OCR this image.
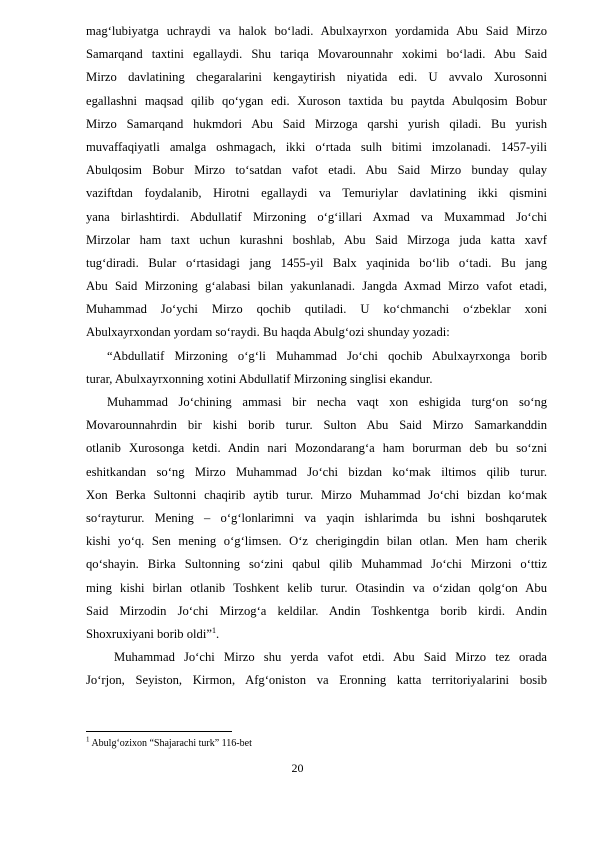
mag‘lubiyatga uchraydi va halok bo‘ladi. Abulxayrxon yordamida Abu Said Mirzo
Samarqand taxtini egallaydi. Shu tariqa Movarounnahr xokimi bo‘ladi. Abu Said
Mirzo davlatining chegaralarini kengaytirish niyatida edi. U avvalo Xurosonni
egallashni maqsad qilib qo‘ygan edi. Xuroson taxtida bu paytda Abulqosim Bobur
Mirzo Samarqand hukmdori Abu Said Mirzoga qarshi yurish qiladi. Bu yurish
muvaffaqiyatli amalga oshmagach, ikki o‘rtada sulh bitimi imzolanadi. 1457-yili
Abulqosim Bobur Mirzo to‘satdan vafot etadi. Abu Said Mirzo bunday qulay
vaziftdan foydalanib, Hirotni egallaydi va Temuriylar davlatining ikki qismini
yana birlashtirdi. Abdullatif Mirzoning o‘g‘illari Axmad va Muxammad Jo‘chi
Mirzolar ham taxt uchun kurashni boshlab, Abu Said Mirzoga juda katta xavf
tug‘diradi. Bular o‘rtasidagi jang 1455-yil Balx yaqinida bo‘lib o‘tadi. Bu jang
Abu Said Mirzoning g‘alabasi bilan yakunlanadi. Jangda Axmad Mirzo vafot etadi,
Muhammad Jo‘ychi Mirzo qochib qutiladi. U ko‘chmanchi o‘zbeklar xoni
Abulxayrxondan yordam so‘raydi. Bu haqda Abulg‘ozi shunday yozadi:
“Abdullatif Mirzoning o‘g‘li Muhammad Jo‘chi qochib Abulxayrxonga borib
turar, Abulxayrxonning xotini Abdullatif Mirzoning singlisi ekandur.
Muhammad Jo‘chining ammasi bir necha vaqt xon eshigida turg‘on so‘ng
Movarounnahrdin bir kishi borib turur. Sulton Abu Said Mirzo Samarkanddin
otlanib Xurosonga ketdi. Andin nari Mozondarang‘a ham borurman deb bu so‘zni
eshitkandan so‘ng Mirzo Muhammad Jo‘chi bizdan ko‘mak iltimos qilib turur.
Xon Berka Sultonni chaqirib aytib turur. Mirzo Muhammad Jo‘chi bizdan ko‘mak
so‘rayturur. Mening – o‘g‘lonlarimni va yaqin ishlarimda bu ishni boshqarutek
kishi yo‘q. Sen mening o‘g‘limsen. O‘z cherigingdin bilan otlan. Men ham cherik
qo‘shayin. Birka Sultonning so‘zini qabul qilib Muhammad Jo‘chi Mirzoni o‘ttiz
ming kishi birlan otlanib Toshkent kelib turur. Otasindin va o‘zidan qolg‘on Abu
Said Mirzodin Jo‘chi Mirzog‘a keldilar. Andin Toshkentga borib kirdi. Andin
Shoxruxiyani borib oldi”$^1$.
Muhammad Jo‘chi Mirzo shu yerda vafot etdi. Abu Said Mirzo tez orada
Jo‘rjon, Seyiston, Kirmon, Afg‘oniston va Eronning katta territoriyalarini bosib
$^1$ Abulg‘ozixon “Shajarachi turk” 116-bet
20
